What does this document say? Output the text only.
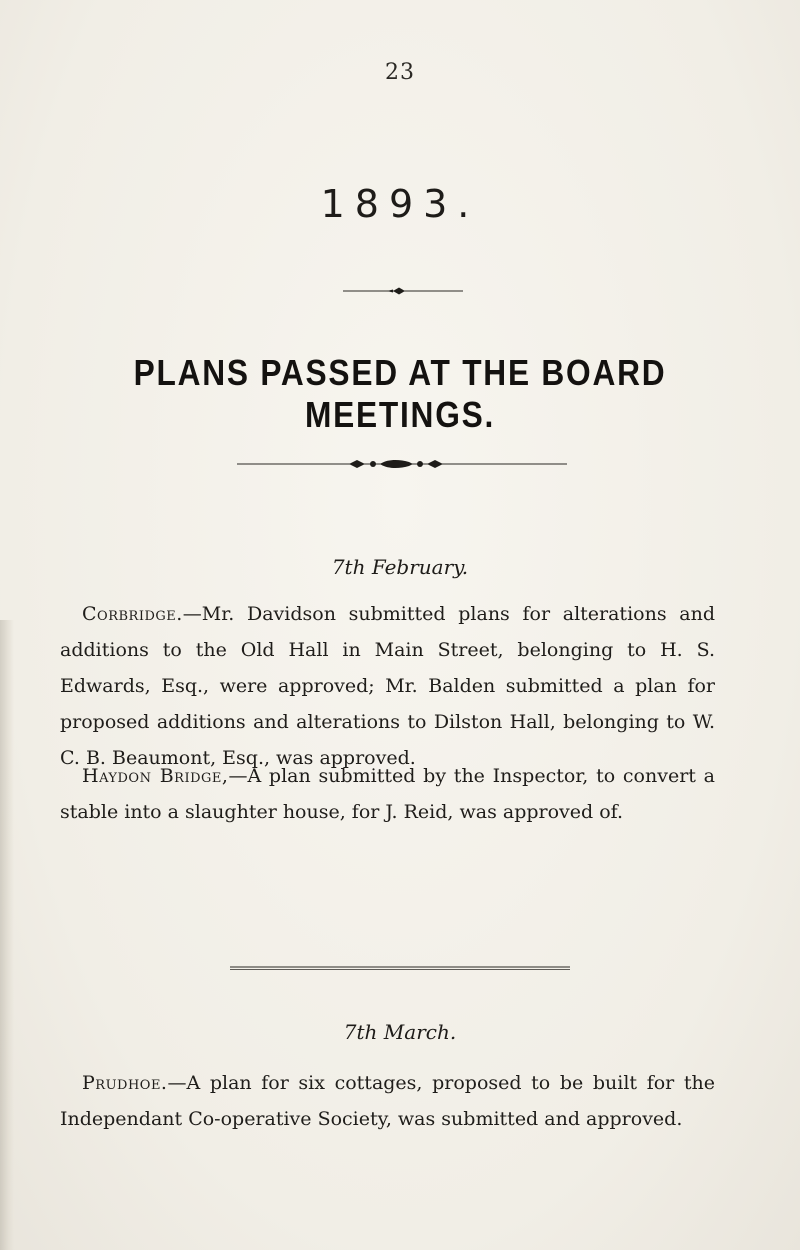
23
1893.
PLANS PASSED AT THE BOARD MEETINGS.
7th February.
Corbridge.—Mr. Davidson submitted plans for alterations and additions to the Old Hall in Main Street, belonging to H. S. Edwards, Esq., were approved; Mr. Balden submitted a plan for proposed additions and alterations to Dilston Hall, belonging to W. C. B. Beaumont, Esq., was approved.
Haydon Bridge,—A plan submitted by the Inspector, to convert a stable into a slaughter house, for J. Reid, was approved of.
7th March.
Prudhoe.—A plan for six cottages, proposed to be built for the Independant Co-operative Society, was submitted and approved.
